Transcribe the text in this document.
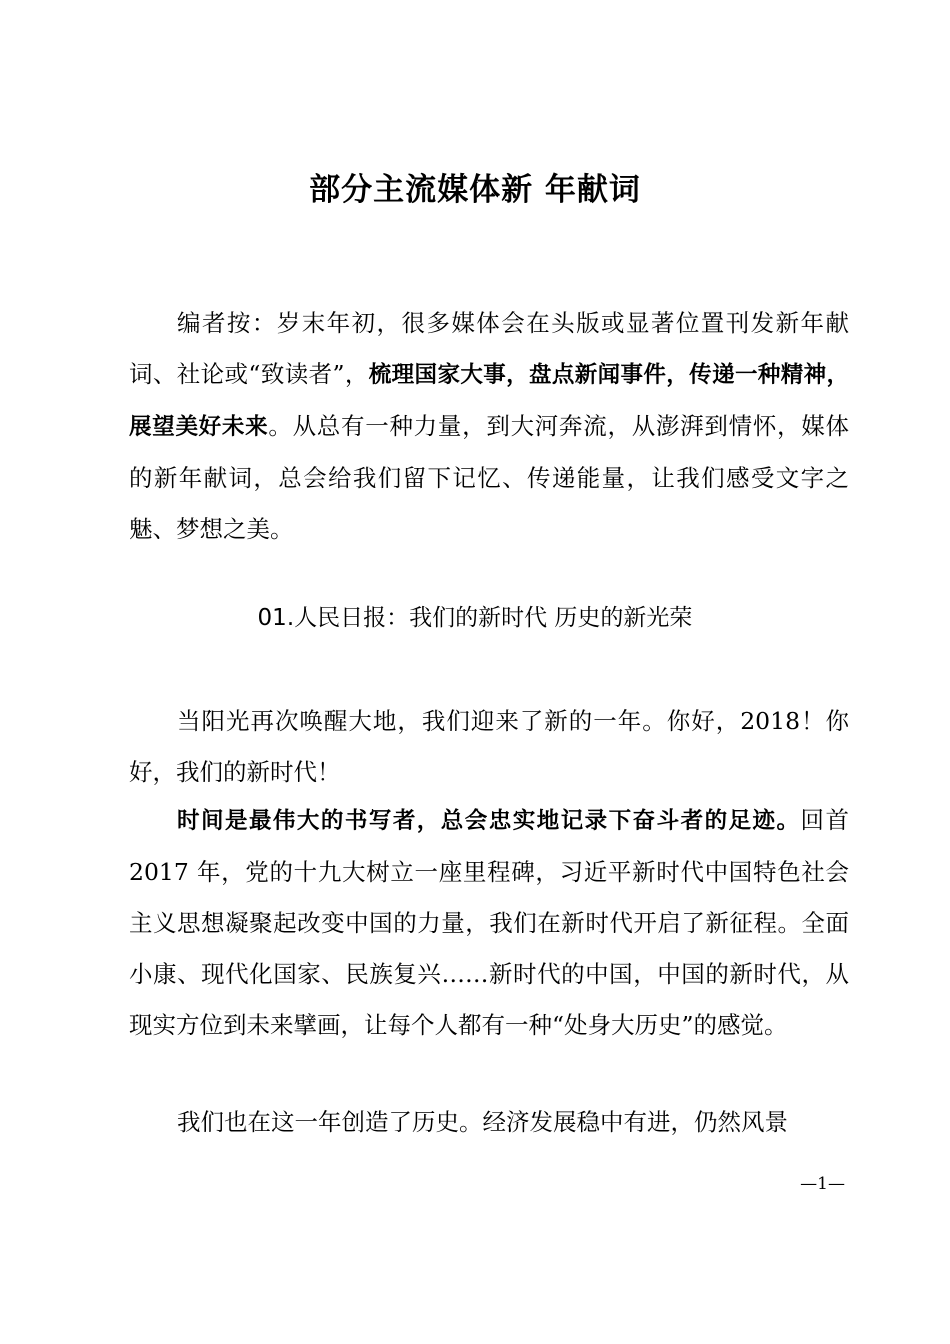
部分主流媒体新 年献词

编者按：岁末年初，很多媒体会在头版或显著位置刊发新年献词、社论或“致读者”，梳理国家大事，盘点新闻事件，传递一种精神，展望美好未来。从总有一种力量，到大河奔流，从澎湃到情怀，媒体的新年献词，总会给我们留下记忆、传递能量，让我们感受文字之魅、梦想之美。

01.人民日报：我们的新时代 历史的新光荣

当阳光再次唤醒大地，我们迎来了新的一年。你好，2018！你好，我们的新时代！

时间是最伟大的书写者，总会忠实地记录下奋斗者的足迹。回首 2017 年，党的十九大树立一座里程碑，习近平新时代中国特色社会主义思想凝聚起改变中国的力量，我们在新时代开启了新征程。全面小康、现代化国家、民族复兴……新时代的中国，中国的新时代，从现实方位到未来擘画，让每个人都有一种“处身大历史”的感觉。

我们也在这一年创造了历史。经济发展稳中有进，仍然风景

—1—
